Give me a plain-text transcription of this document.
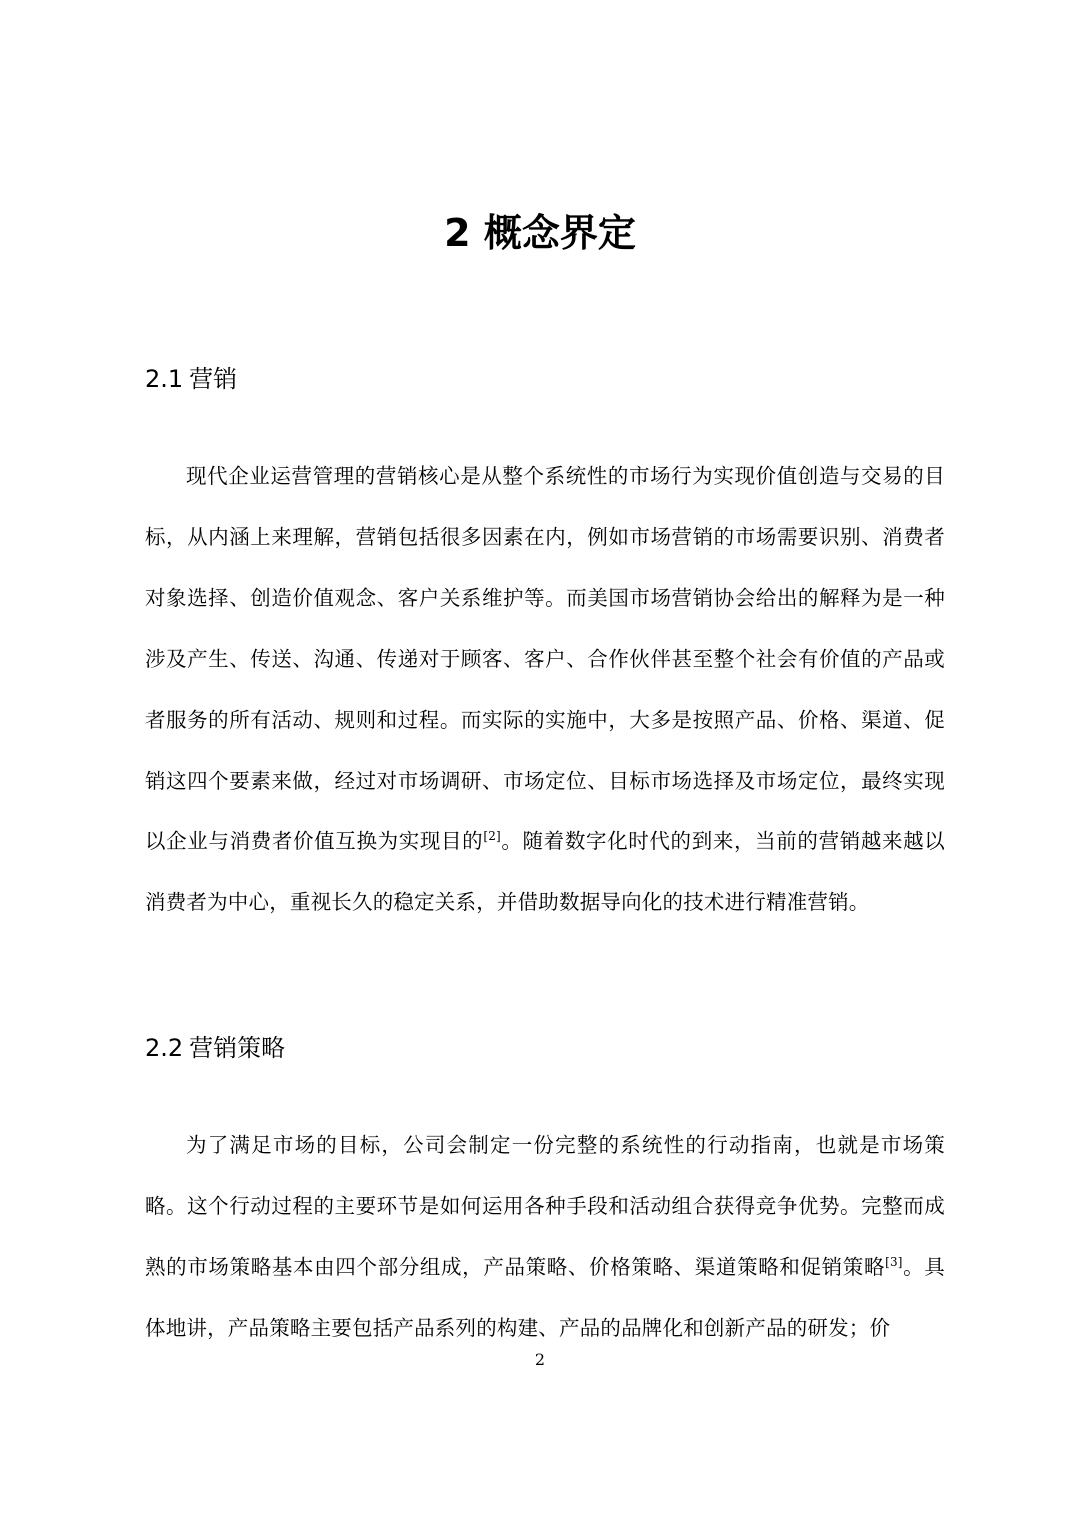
2 概念界定
2.1 营销

现代企业运营管理的营销核心是从整个系统性的市场行为实现价值创造与交易的目标，从内涵上来理解，营销包括很多因素在内，例如市场营销的市场需要识别、消费者对象选择、创造价值观念、客户关系维护等。而美国市场营销协会给出的解释为是一种涉及产生、传送、沟通、传递对于顾客、客户、合作伙伴甚至整个社会有价值的产品或者服务的所有活动、规则和过程。而实际的实施中，大多是按照产品、价格、渠道、促销这四个要素来做，经过对市场调研、市场定位、目标市场选择及市场定位，最终实现以企业与消费者价值互换为实现目的[2]。随着数字化时代的到来，当前的营销越来越以消费者为中心，重视长久的稳定关系，并借助数据导向化的技术进行精准营销。

2.2 营销策略

为了满足市场的目标，公司会制定一份完整的系统性的行动指南，也就是市场策略。这个行动过程的主要环节是如何运用各种手段和活动组合获得竞争优势。完整而成熟的市场策略基本由四个部分组成，产品策略、价格策略、渠道策略和促销策略[3]。具体地讲，产品策略主要包括产品系列的构建、产品的品牌化和创新产品的研发；价

2
